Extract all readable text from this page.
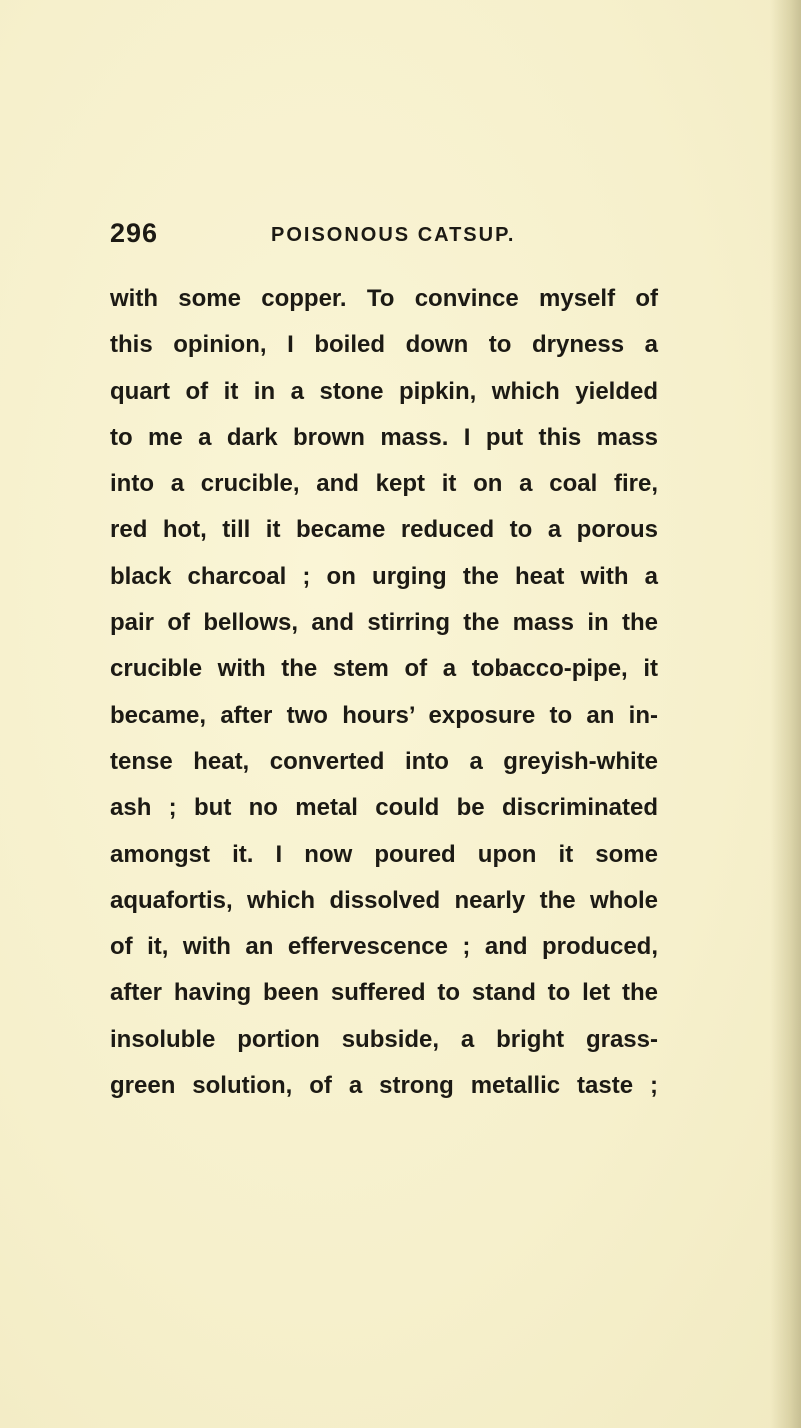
296	POISONOUS CATSUP.
with some copper. To convince myself of
this opinion, I boiled down to dryness a
quart of it in a stone pipkin, which yielded
to me a dark brown mass. I put this mass
into a crucible, and kept it on a coal fire,
red hot, till it became reduced to a porous
black charcoal ; on urging the heat with a
pair of bellows, and stirring the mass in the
crucible with the stem of a tobacco-pipe, it
became, after two hours’ exposure to an in-
tense heat, converted into a greyish-white
ash ; but no metal could be discriminated
amongst it. I now poured upon it some
aquafortis, which dissolved nearly the whole
of it, with an effervescence ; and produced,
after having been suffered to stand to let the
insoluble portion subside, a bright grass-
green solution, of a strong metallic taste ;
